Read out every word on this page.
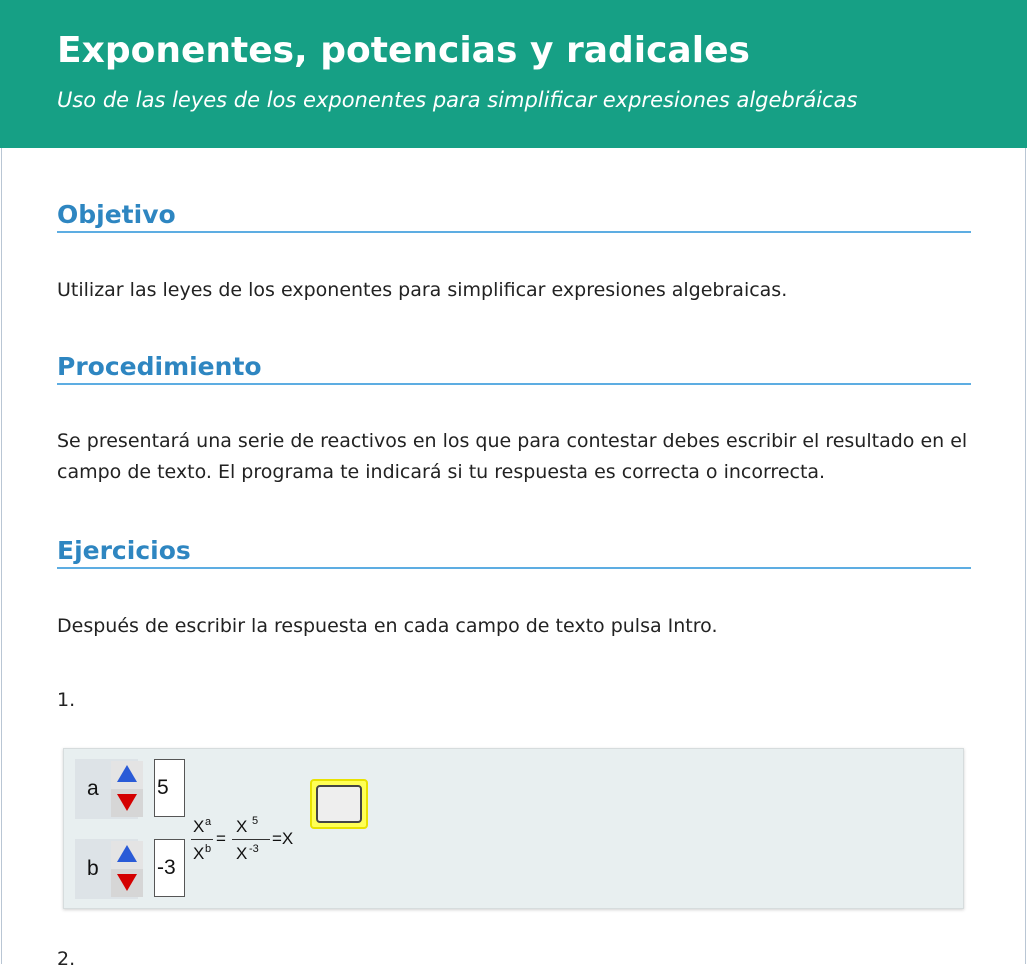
Exponentes, potencias y radicales
Uso de las leyes de los exponentes para simplificar expresiones algebráicas
Objetivo
Utilizar las leyes de los exponentes para simplificar expresiones algebraicas.
Procedimiento
Se presentará una serie de reactivos en los que para contestar debes escribir el resultado en el campo de texto. El programa te indicará si tu respuesta es correcta o incorrecta.
Ejercicios
Después de escribir la respuesta en cada campo de texto pulsa Intro.
1.
a	5
b	-3
X a
X b
=
X 5
X -3
=X
2.
